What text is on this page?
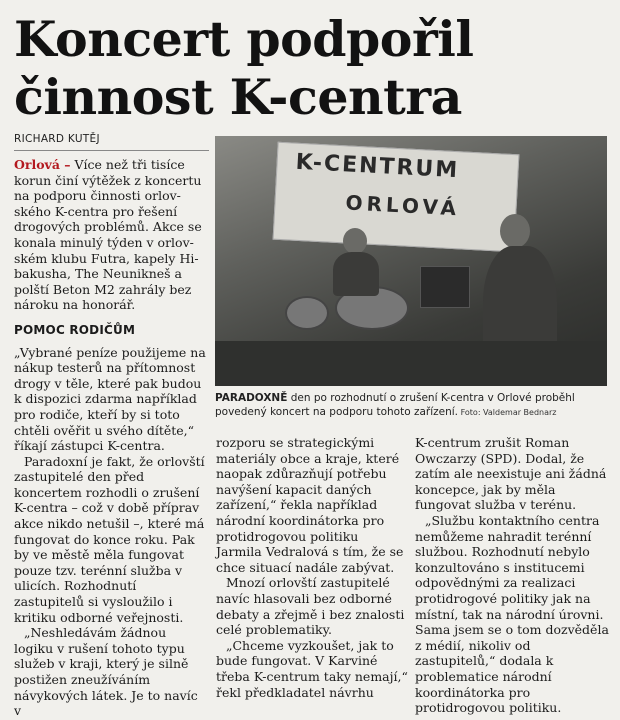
Koncert podpořil
činnost K-centra
RICHARD KUTĚJ

Orlová – Více než tři tisíce
korun činí výtěžek z koncertu
na podporu činnosti orlov-
ského K-centra pro řešení
drogových problémů. Akce se
konala minulý týden v orlov-
ském klubu Futra, kapely Hi-
bakusha, The Neunikneš a
polští Beton M2 zahrály bez
nároku na honorář.

POMOC RODIČŮM

„Vybrané peníze použijeme na nákup testerů na přítomnost drogy v těle, které pak budou k dispozici zdarma například pro rodiče, kteří by si toto chtěli ověřit u svého dítěte,“ říkají zástupci K-centra.

Paradoxní je fakt, že orlovští zastupitelé den před koncertem rozhodli o zrušení K-centra – což v době příprav akce nikdo netušil –, které má fungovat do konce roku. Pak by ve městě měla fungovat pouze tzv. terénní služba v ulicích. Rozhodnutí zastupitelů si vysloužilo i kritiku odborné veřejnosti.

„Neshledávám žádnou logiku v rušení tohoto typu služeb v kraji, který je silně postižen zneužíváním návykových látek. Je to navíc v

K-CENTRUM
ORLOVÁ
PARADOXNĚ den po rozhodnutí o zrušení K-centra v Orlové proběhl povedený koncert na podporu tohoto zařízení. Foto: Valdemar Bednarz

rozporu se strategickými materiály obce a kraje, které naopak zdůrazňují potřebu navýšení kapacit daných zařízení,“ řekla například národní koordinátorka pro protidrogovou politiku Jarmila Vedralová s tím, že se chce situací nadále zabývat.

Mnozí orlovští zastupitelé navíc hlasovali bez odborné debaty a zřejmě i bez znalosti celé problematiky.

„Chceme vyzkoušet, jak to bude fungovat. V Karviné třeba K-centrum taky nemají,“ řekl předkladatel návrhu

K-centrum zrušit Roman Owczarzy (SPD). Dodal, že zatím ale neexistuje ani žádná koncepce, jak by měla fungovat služba v terénu.

„Službu kontaktního centra nemůžeme nahradit terénní službou. Rozhodnutí nebylo konzultováno s institucemi odpovědnými za realizaci protidrogové politiky jak na místní, tak na národní úrovni. Sama jsem se o tom dozvěděla z médií, nikoliv od zastupitelů,“ dodala k problematice národní koordinátorka pro protidrogovou politiku.
